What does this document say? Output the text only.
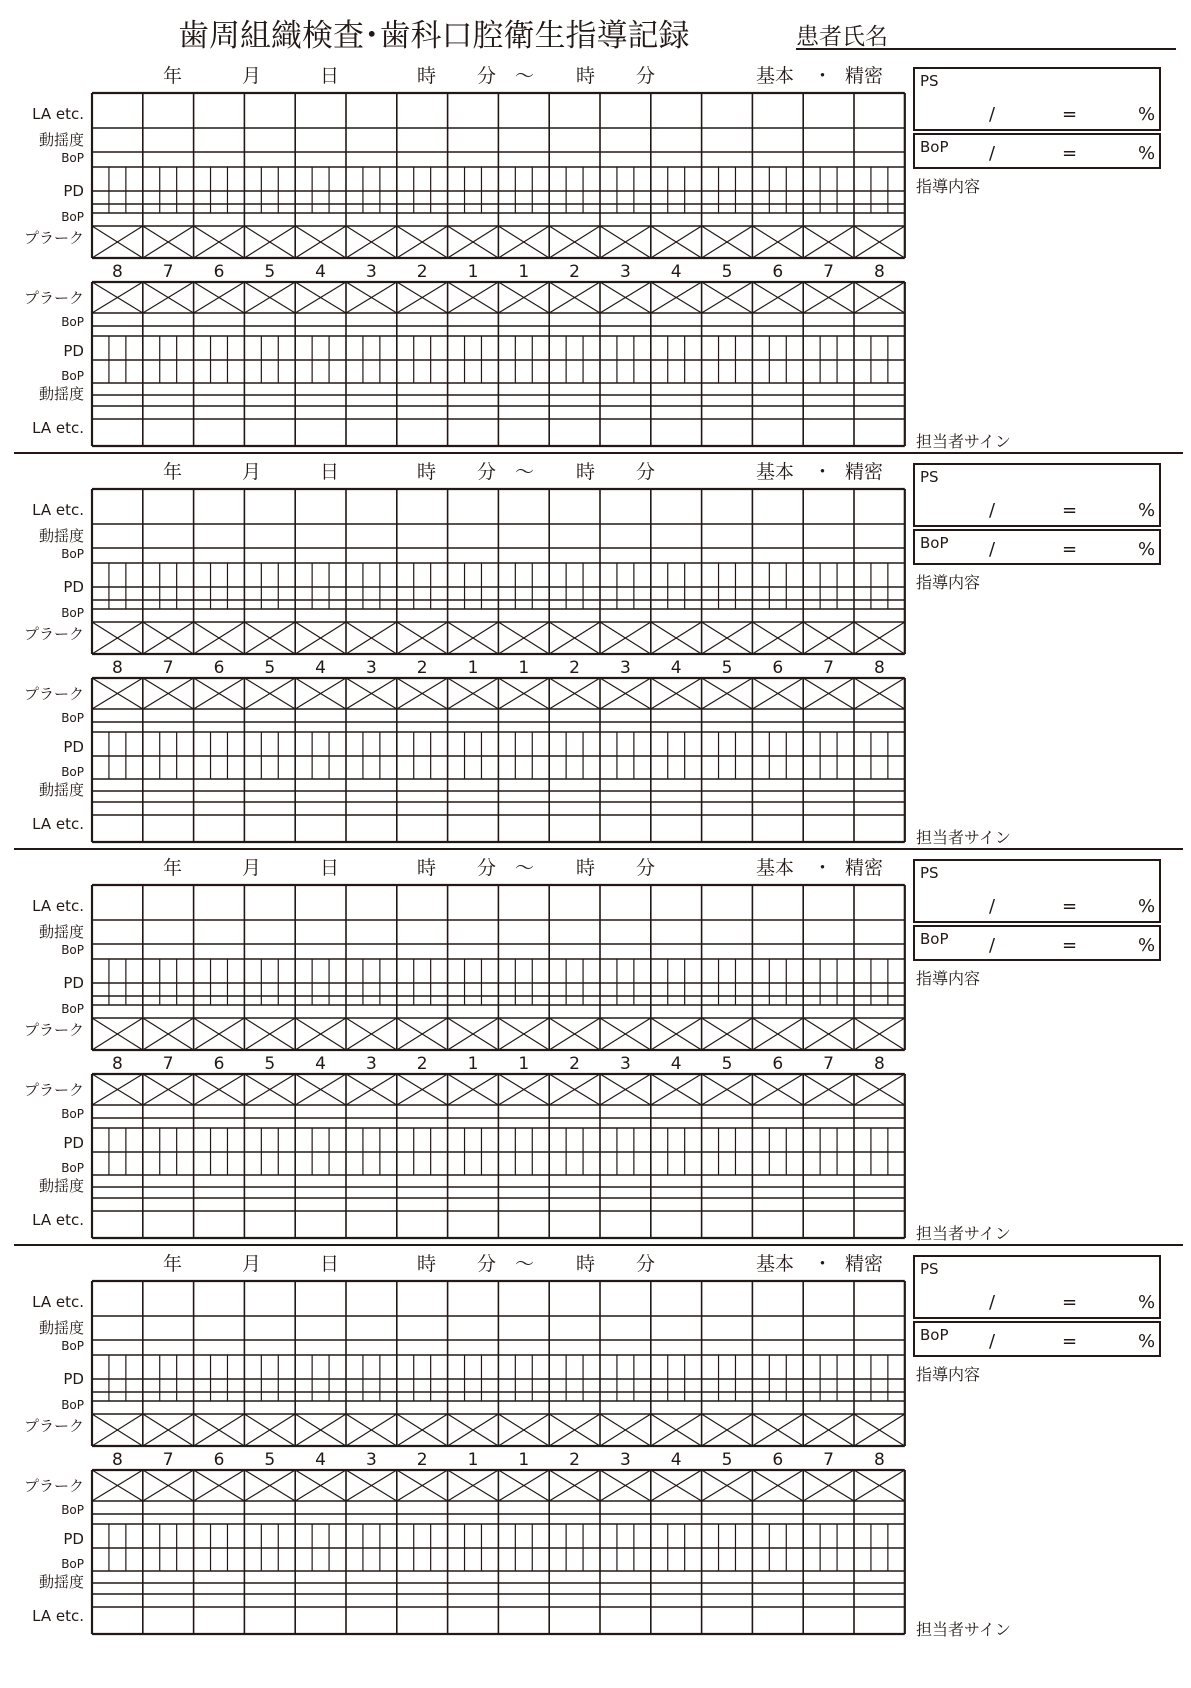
歯周組織検査･歯科口腔衛生指導記録	患者氏名
年	月	日	時 分 ～ 時 分	基本 ・ 精密
LA etc.
動揺度
BoP
PD
BoP
プラーク
8 7 6 5 4 3 2 1 1 2 3 4 5 6 7 8
プラーク
BoP
PD
BoP
動揺度
LA etc.
PS
/	=	%
BoP /	=	%
指導内容
担当者サイン
年	月	日	時 分 ～ 時 分	基本 ・ 精密
LA etc.
動揺度
BoP
PD
BoP
プラーク
8 7 6 5 4 3 2 1 1 2 3 4 5 6 7 8
プラーク
BoP
PD
BoP
動揺度
LA etc.
PS
/	=	%
BoP /	=	%
指導内容
担当者サイン
年	月	日	時 分 ～ 時 分	基本 ・ 精密
LA etc.
動揺度
BoP
PD
BoP
プラーク
8 7 6 5 4 3 2 1 1 2 3 4 5 6 7 8
プラーク
BoP
PD
BoP
動揺度
LA etc.
PS
/	=	%
BoP /	=	%
指導内容
担当者サイン
年	月	日	時 分 ～ 時 分	基本 ・ 精密
LA etc.
動揺度
BoP
PD
BoP
プラーク
8 7 6 5 4 3 2 1 1 2 3 4 5 6 7 8
プラーク
BoP
PD
BoP
動揺度
LA etc.
PS
/	=	%
BoP /	=	%
指導内容
担当者サイン
